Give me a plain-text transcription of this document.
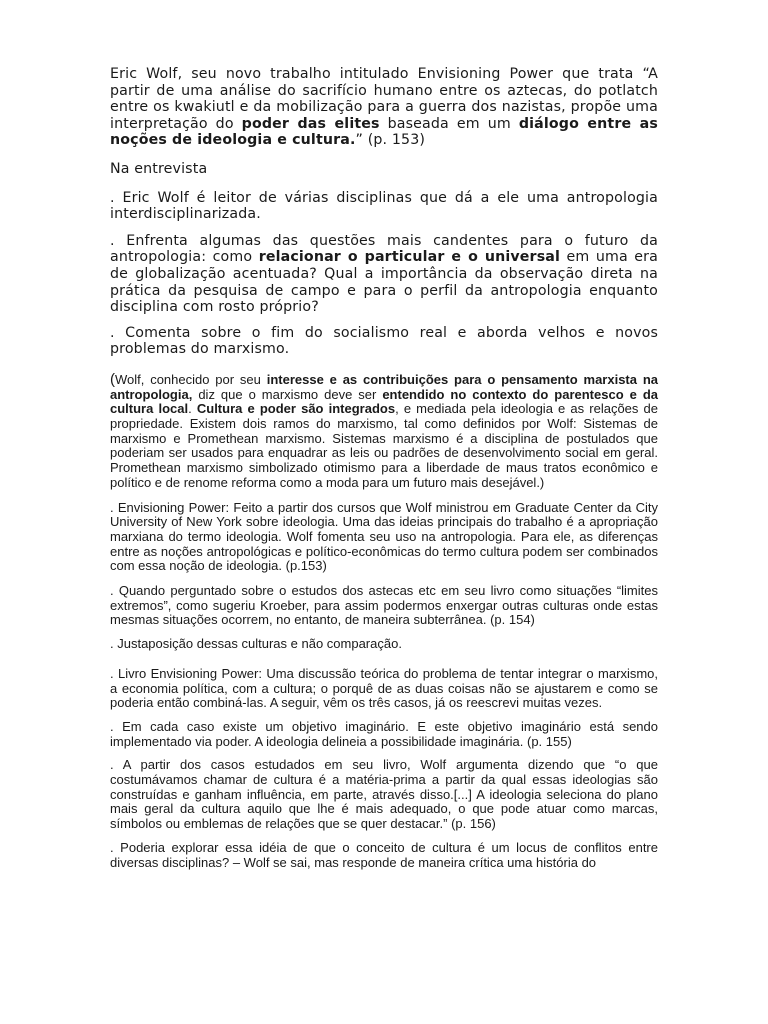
Eric Wolf, seu novo trabalho intitulado Envisioning Power que trata “A partir de uma análise do sacrifício humano entre os aztecas, do potlatch entre os kwakiutl e da mobilização para a guerra dos nazistas, propõe uma interpretação do poder das elites baseada em um diálogo entre as noções de ideologia e cultura.” (p. 153)

Na entrevista

. Eric Wolf é leitor de várias disciplinas que dá a ele uma antropologia interdisciplinarizada.

. Enfrenta algumas das questões mais candentes para o futuro da antropologia: como relacionar o particular e o universal em uma era de globalização acentuada? Qual a importância da observação direta na prática da pesquisa de campo e para o perfil da antropologia enquanto disciplina com rosto próprio?

. Comenta sobre o fim do socialismo real e aborda velhos e novos problemas do marxismo.

(Wolf, conhecido por seu interesse e as contribuições para o pensamento marxista na antropologia, diz que o marxismo deve ser entendido no contexto do parentesco e da cultura local. Cultura e poder são integrados, e mediada pela ideologia e as relações de propriedade. Existem dois ramos do marxismo, tal como definidos por Wolf: Sistemas de marxismo e Promethean marxismo. Sistemas marxismo é a disciplina de postulados que poderiam ser usados para enquadrar as leis ou padrões de desenvolvimento social em geral. Promethean marxismo simbolizado otimismo para a liberdade de maus tratos econômico e político e de renome reforma como a moda para um futuro mais desejável.)

. Envisioning Power: Feito a partir dos cursos que Wolf ministrou em Graduate Center da City University of New York sobre ideologia. Uma das ideias principais do trabalho é a apropriação marxiana do termo ideologia. Wolf fomenta seu uso na antropologia. Para ele, as diferenças entre as noções antropológicas e político-econômicas do termo cultura podem ser combinados com essa noção de ideologia. (p.153)

. Quando perguntado sobre o estudos dos astecas etc em seu livro como situações “limites extremos”, como sugeriu Kroeber, para assim podermos enxergar outras culturas onde estas mesmas situações ocorrem, no entanto, de maneira subterrânea. (p. 154)

. Justaposição dessas culturas e não comparação.

. Livro Envisioning Power: Uma discussão teórica do problema de tentar integrar o marxismo, a economia política, com a cultura; o porquê de as duas coisas não se ajustarem e como se poderia então combiná-las. A seguir, vêm os três casos, já os reescrevi muitas vezes.

. Em cada caso existe um objetivo imaginário. E este objetivo imaginário está sendo implementado via poder. A ideologia delineia a possibilidade imaginária. (p. 155)

. A partir dos casos estudados em seu livro, Wolf argumenta dizendo que “o que costumávamos chamar de cultura é a matéria-prima a partir da qual essas ideologias são construídas e ganham influência, em parte, através disso.[...] A ideologia seleciona do plano mais geral da cultura aquilo que lhe é mais adequado, o que pode atuar como marcas, símbolos ou emblemas de relações que se quer destacar.” (p. 156)

. Poderia explorar essa idéia de que o conceito de cultura é um locus de conflitos entre diversas disciplinas? – Wolf se sai, mas responde de maneira crítica uma história do
